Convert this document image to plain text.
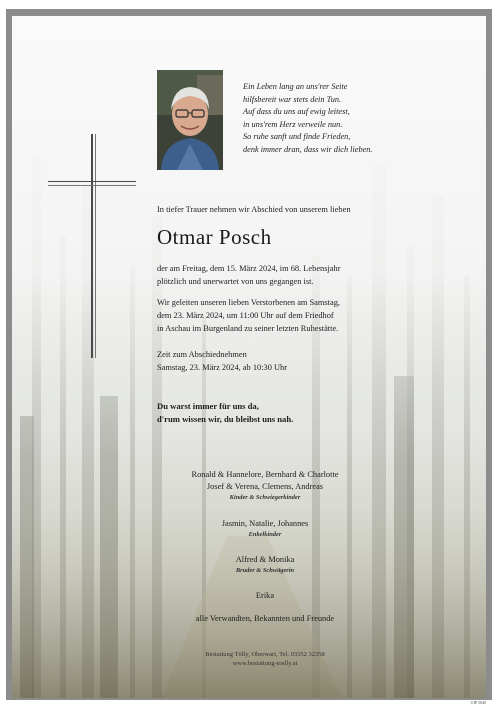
Ein Leben lang an uns'rer Seite
hilfsbereit war stets dein Tun.
Auf dass du uns auf ewig leitest,
in uns'rem Herz verweile nun.
So ruhe sanft und finde Frieden,
denk immer dran, dass wir dich lieben.
In tiefer Trauer nehmen wir Abschied von unserem lieben
Otmar Posch
der am Freitag, dem 15. März 2024, im 68. Lebensjahr
plötzlich und unerwartet von uns gegangen ist.
Wir geleiten unseren lieben Verstorbenen am Samstag,
dem 23. März 2024, um 11:00 Uhr auf dem Friedhof
in Aschau im Burgenland zu seiner letzten Ruhestätte.
Zeit zum Abschiednehmen
Samstag, 23. März 2024, ab 10:30 Uhr
Du warst immer für uns da,
d'rum wissen wir, du bleibst uns nah.
Ronald & Hannelore, Bernhard & Charlotte
Josef & Verena, Clemens, Andreas
Kinder & Schwiegerkinder
Jasmin, Natalie, Johannes
Enkelkinder
Alfred & Monika
Bruder & Schwägerin
Erika
alle Verwandten, Bekannten und Freunde
Bestattung Tölly, Oberwart, Tel. 03352 32358
www.bestattung-toelly.at
0 IP 5040
